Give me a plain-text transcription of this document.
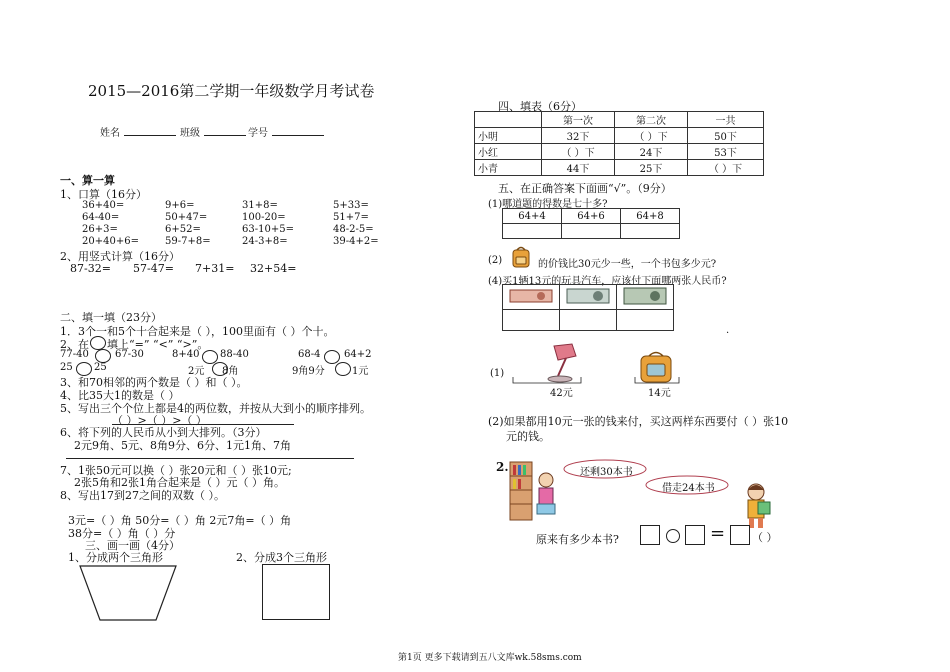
2015—2016第二学期一年级数学月考试卷
姓名	班级	学号
一、算一算
1、口算（16分）
36+40=	9+6=	31+8=	5+33=
64-40=	50+47=	100-20=	51+7=
26+3=	6+52=	63-10+5=	48-2-5=
20+40+6=	59-7+8=	24-3+8=	39-4+2=
2、用竖式计算（16分）
87-32= 57-47= 7+31= 32+54=
二、填一填（23分）
1．3个一和5个十合起来是（ ），100里面有（ ）个十。
2、在 填上“=” “<” “>”。
77-40	67-30	8+40 88-40	68-4 64+2
25 25	2元 8角	9角9分	1元
3、和70相邻的两个数是（ ）和（ ）。
4、比35大1的数是（ ）
5、写出三个个位上都是4的两位数，并按从大到小的顺序排列。
（ ）>（ ）>（ ）
6、将下列的人民币从小到大排列。（3分）
2元9角、5元、8角9分、6分、1元1角、7角
7、1张50元可以换（ ）张20元和（ ）张10元;
2张5角和2张1角合起来是（ ）元（ ）角。
8、写出17到27之间的双数（ ）。
3元=（ ）角 50分=（ ）角 2元7角=（ ）角
38分=（ ）角（ ）分
三、画一画（4分）
1、分成两个三角形	2、分成3个三角形
四、填表（6分）
	第一次	第二次	一共
小明	32下	（ ）下	50下
小红	（ ）下	24下	53下
小青	44下	25下	（ ）下
五、在正确答案下面画“√”。（9分）
(1)哪道题的得数是七十多?
64+4	64+6	64+8

(2)	的价钱比30元少一些，一个书包多少元?
(4)买1辆13元的玩具汽车，应该付下面哪两张人民币?

.
(1)
42元	14元
(2)如果都用10元一张的钱来付，买这两样东西要付（ ）张10
元的钱。
2.	还剩30本书
借走24本书
原来有多少本书?	= （ ）
第1页 更多下载请到五八文库wk.58sms.com
